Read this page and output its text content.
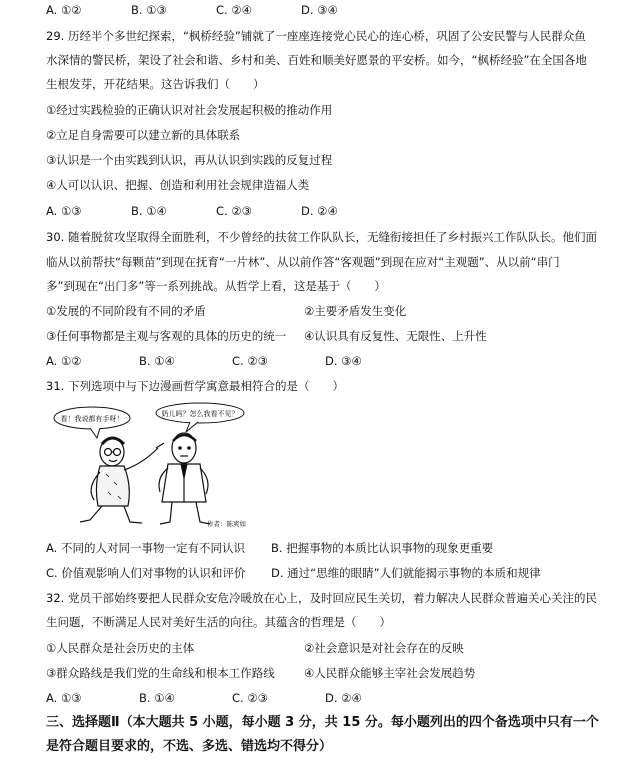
A. ①②	B. ①③	C. ②④	D. ③④
29. 历经半个多世纪探索，“枫桥经验”铺就了一座座连接党心民心的连心桥，巩固了公安民警与人民群众鱼
水深情的警民桥，架设了社会和谐、乡村和美、百姓和顺美好愿景的平安桥。如今，“枫桥经验”在全国各地
生根发芽，开花结果。这告诉我们（　　）
①经过实践检验的正确认识对社会发展起积极的推动作用
②立足自身需要可以建立新的具体联系
③认识是一个由实践到认识，再从认识到实践的反复过程
④人可以认识、把握、创造和利用社会规律造福人类
A. ①③	B. ①④	C. ②③	D. ②④
30. 随着脱贫攻坚取得全面胜利，不少曾经的扶贫工作队队长，无缝衔接担任了乡村振兴工作队队长。他们面
临从以前帮扶“每颗苗”到现在抚育“一片林”、从以前作答“客观题”到现在应对“主观题”、从以前“串门
多”到现在“出门多”等一系列挑战。从哲学上看，这是基于（　　）
①发展的不同阶段有不同的矛盾	②主要矛盾发生变化
③任何事物都是主观与客观的具体的历史的统一 ④认识具有反复性、无限性、上升性
A. ①②	B. ①④	C. ②③	D. ③④
31. 下列选项中与下边漫画哲学寓意最相符合的是（　　）
看！我说都有手呀！
奶儿吗？怎么我看不见？
作者：陈爽如
A. 不同的人对同一事物一定有不同认识 B. 把握事物的本质比认识事物的现象更重要
C. 价值观影响人们对事物的认识和评价 D. 通过“思维的眼睛”人们就能揭示事物的本质和规律
32. 党员干部始终要把人民群众安危冷暖放在心上，及时回应民生关切，着力解决人民群众普遍关心关注的民
生问题，不断满足人民对美好生活的向往。其蕴含的哲理是（　　）
①人民群众是社会历史的主体	②社会意识是对社会存在的反映
③群众路线是我们党的生命线和根本工作路线	④人民群众能够主宰社会发展趋势
A. ①③	B. ①④	C. ②③	D. ②④
三、选择题Ⅱ（本大题共 5 小题，每小题 3 分，共 15 分。每小题列出的四个备选项中只有一个
是符合题目要求的，不选、多选、错选均不得分）
